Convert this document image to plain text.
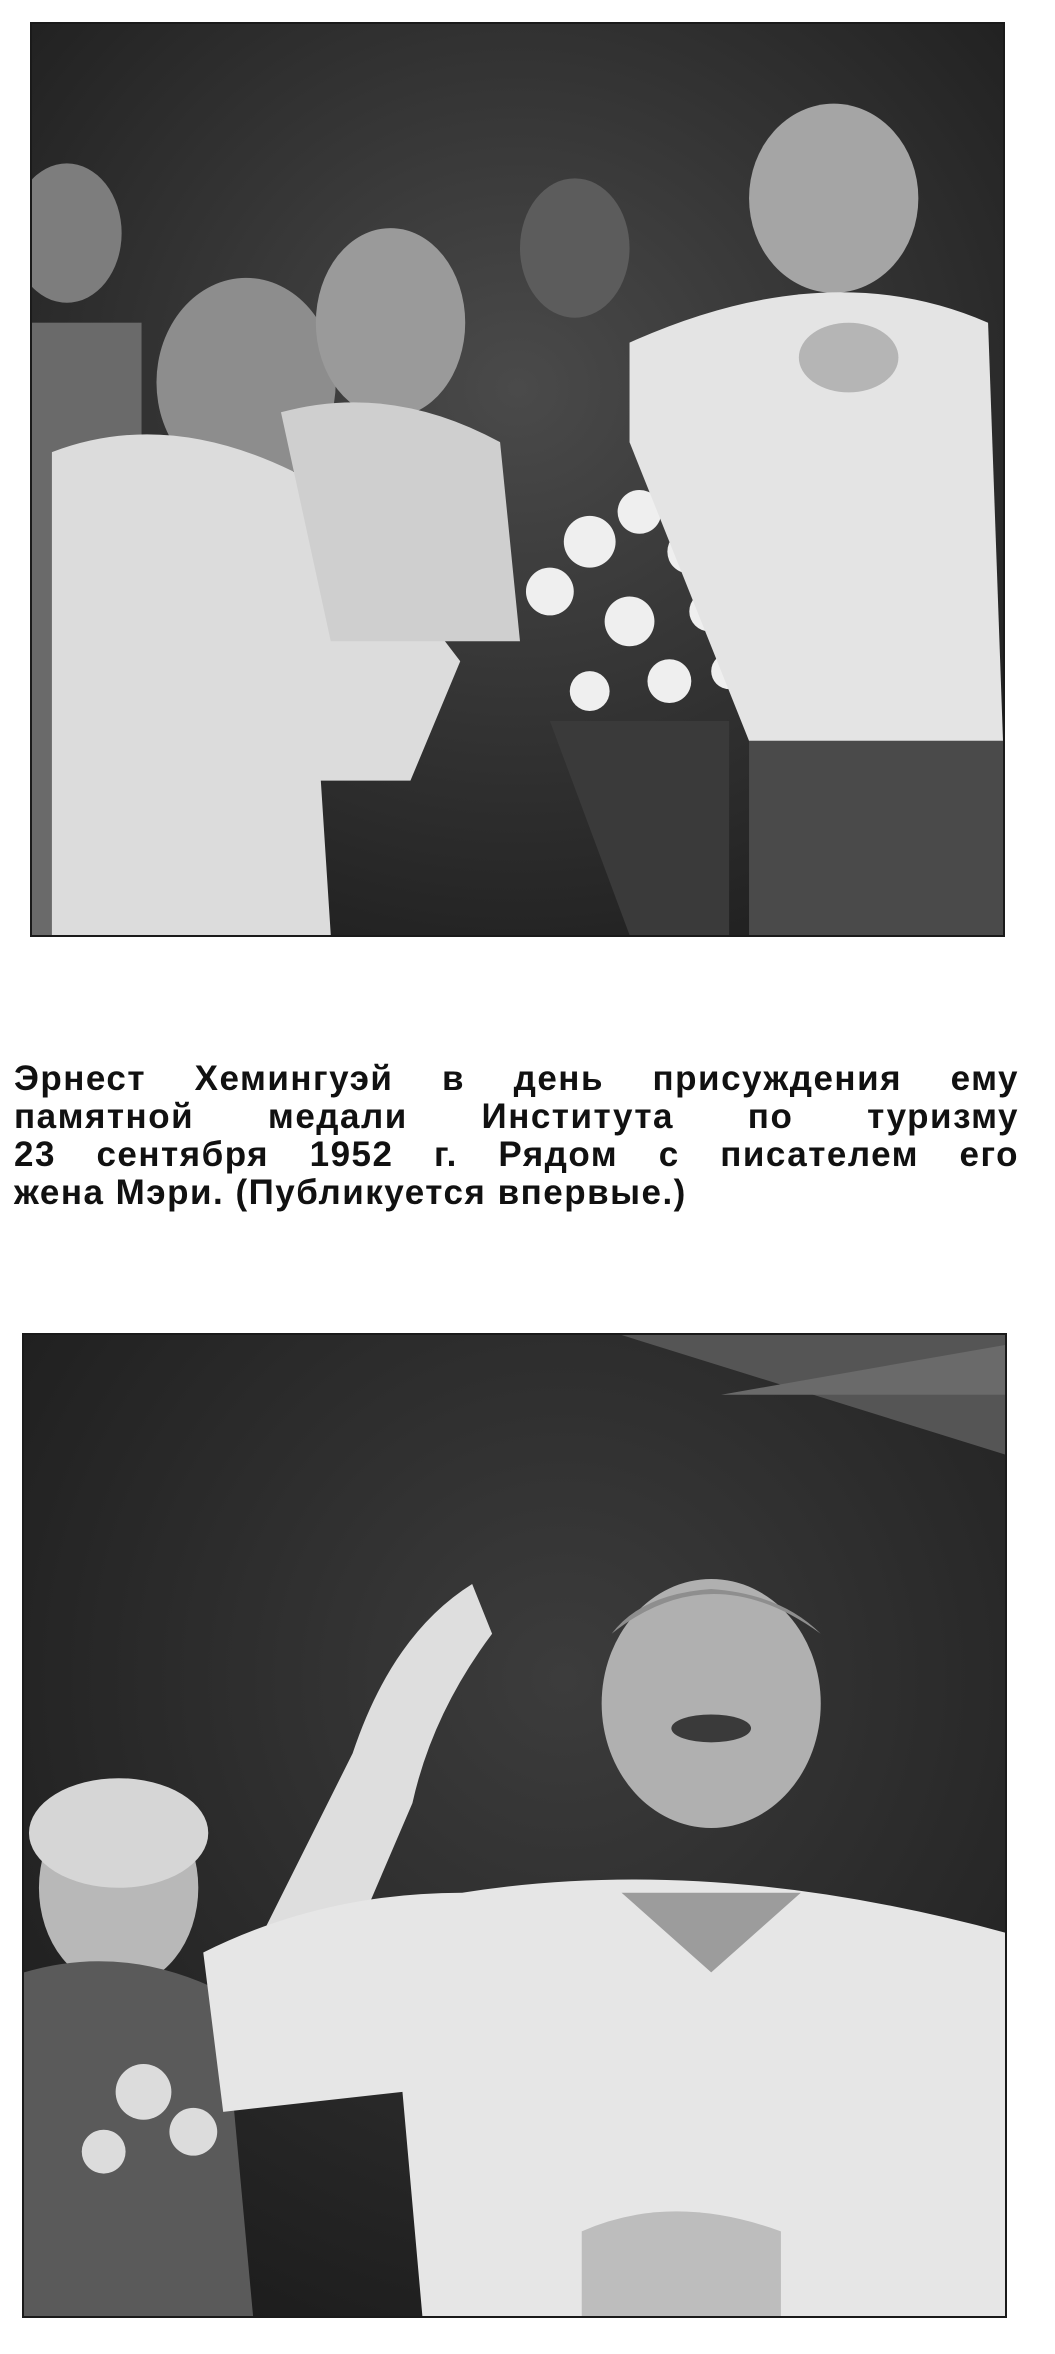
Эрнест Хемингуэй в день присуждения ему
памятной медали Института по туризму
23 сентября 1952 г. Рядом с писателем его
жена Мэри. (Публикуется впервые.)
